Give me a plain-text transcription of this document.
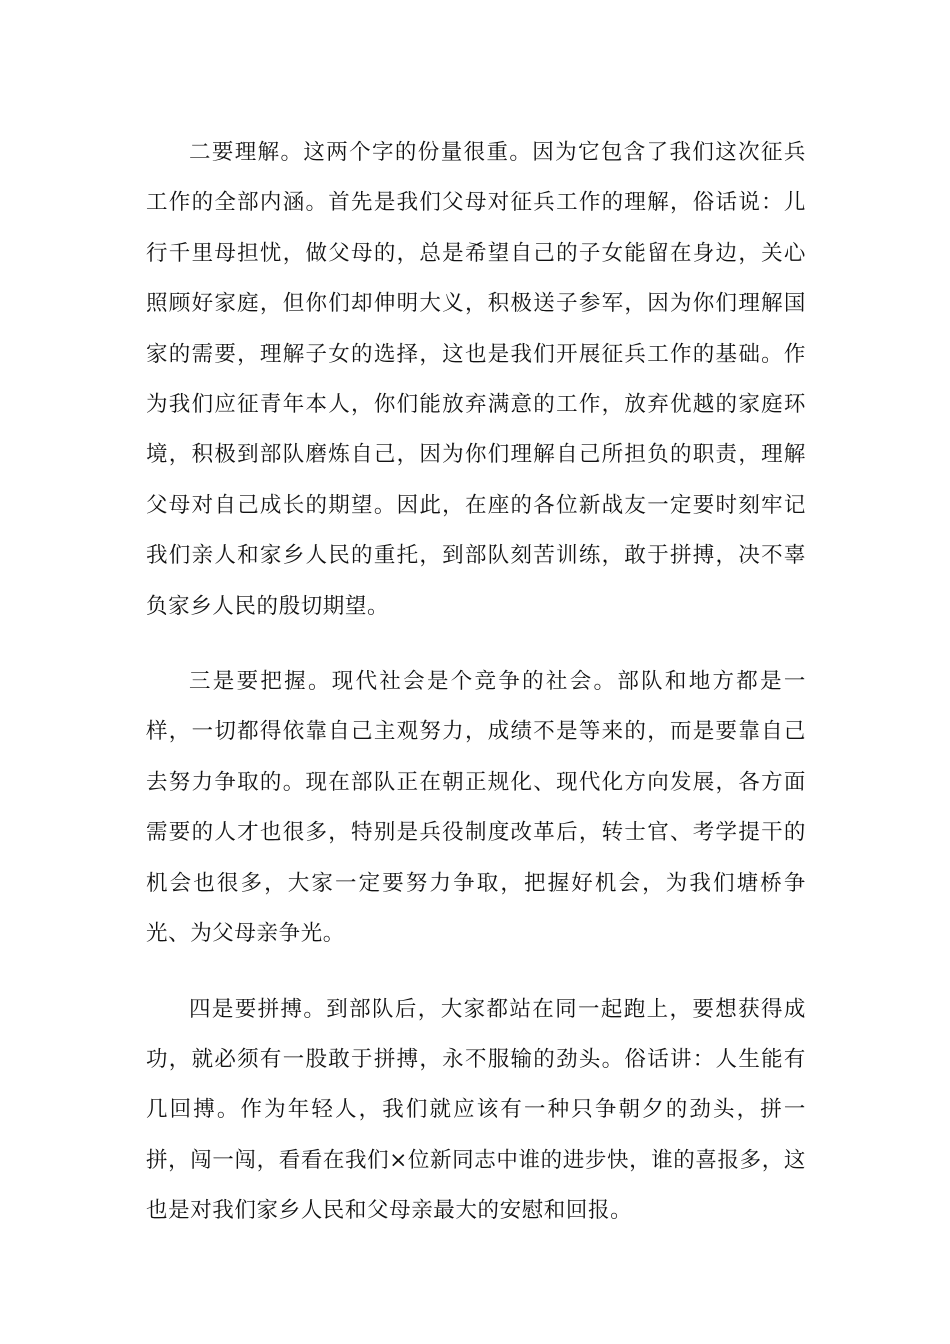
二要理解。这两个字的份量很重。因为它包含了我们这次征兵工作的全部内涵。首先是我们父母对征兵工作的理解，俗话说：儿行千里母担忧，做父母的，总是希望自己的子女能留在身边，关心照顾好家庭，但你们却伸明大义，积极送子参军，因为你们理解国家的需要，理解子女的选择，这也是我们开展征兵工作的基础。作为我们应征青年本人，你们能放弃满意的工作，放弃优越的家庭环境，积极到部队磨炼自己，因为你们理解自己所担负的职责，理解父母对自己成长的期望。因此，在座的各位新战友一定要时刻牢记我们亲人和家乡人民的重托，到部队刻苦训练，敢于拼搏，决不辜负家乡人民的殷切期望。

三是要把握。现代社会是个竞争的社会。部队和地方都是一样，一切都得依靠自己主观努力，成绩不是等来的，而是要靠自己去努力争取的。现在部队正在朝正规化、现代化方向发展，各方面需要的人才也很多，特别是兵役制度改革后，转士官、考学提干的机会也很多，大家一定要努力争取，把握好机会，为我们塘桥争光、为父母亲争光。

四是要拼搏。到部队后，大家都站在同一起跑上，要想获得成功，就必须有一股敢于拼搏，永不服输的劲头。俗话讲：人生能有几回搏。作为年轻人，我们就应该有一种只争朝夕的劲头，拼一拼，闯一闯，看看在我们×位新同志中谁的进步快，谁的喜报多，这也是对我们家乡人民和父母亲最大的安慰和回报。
